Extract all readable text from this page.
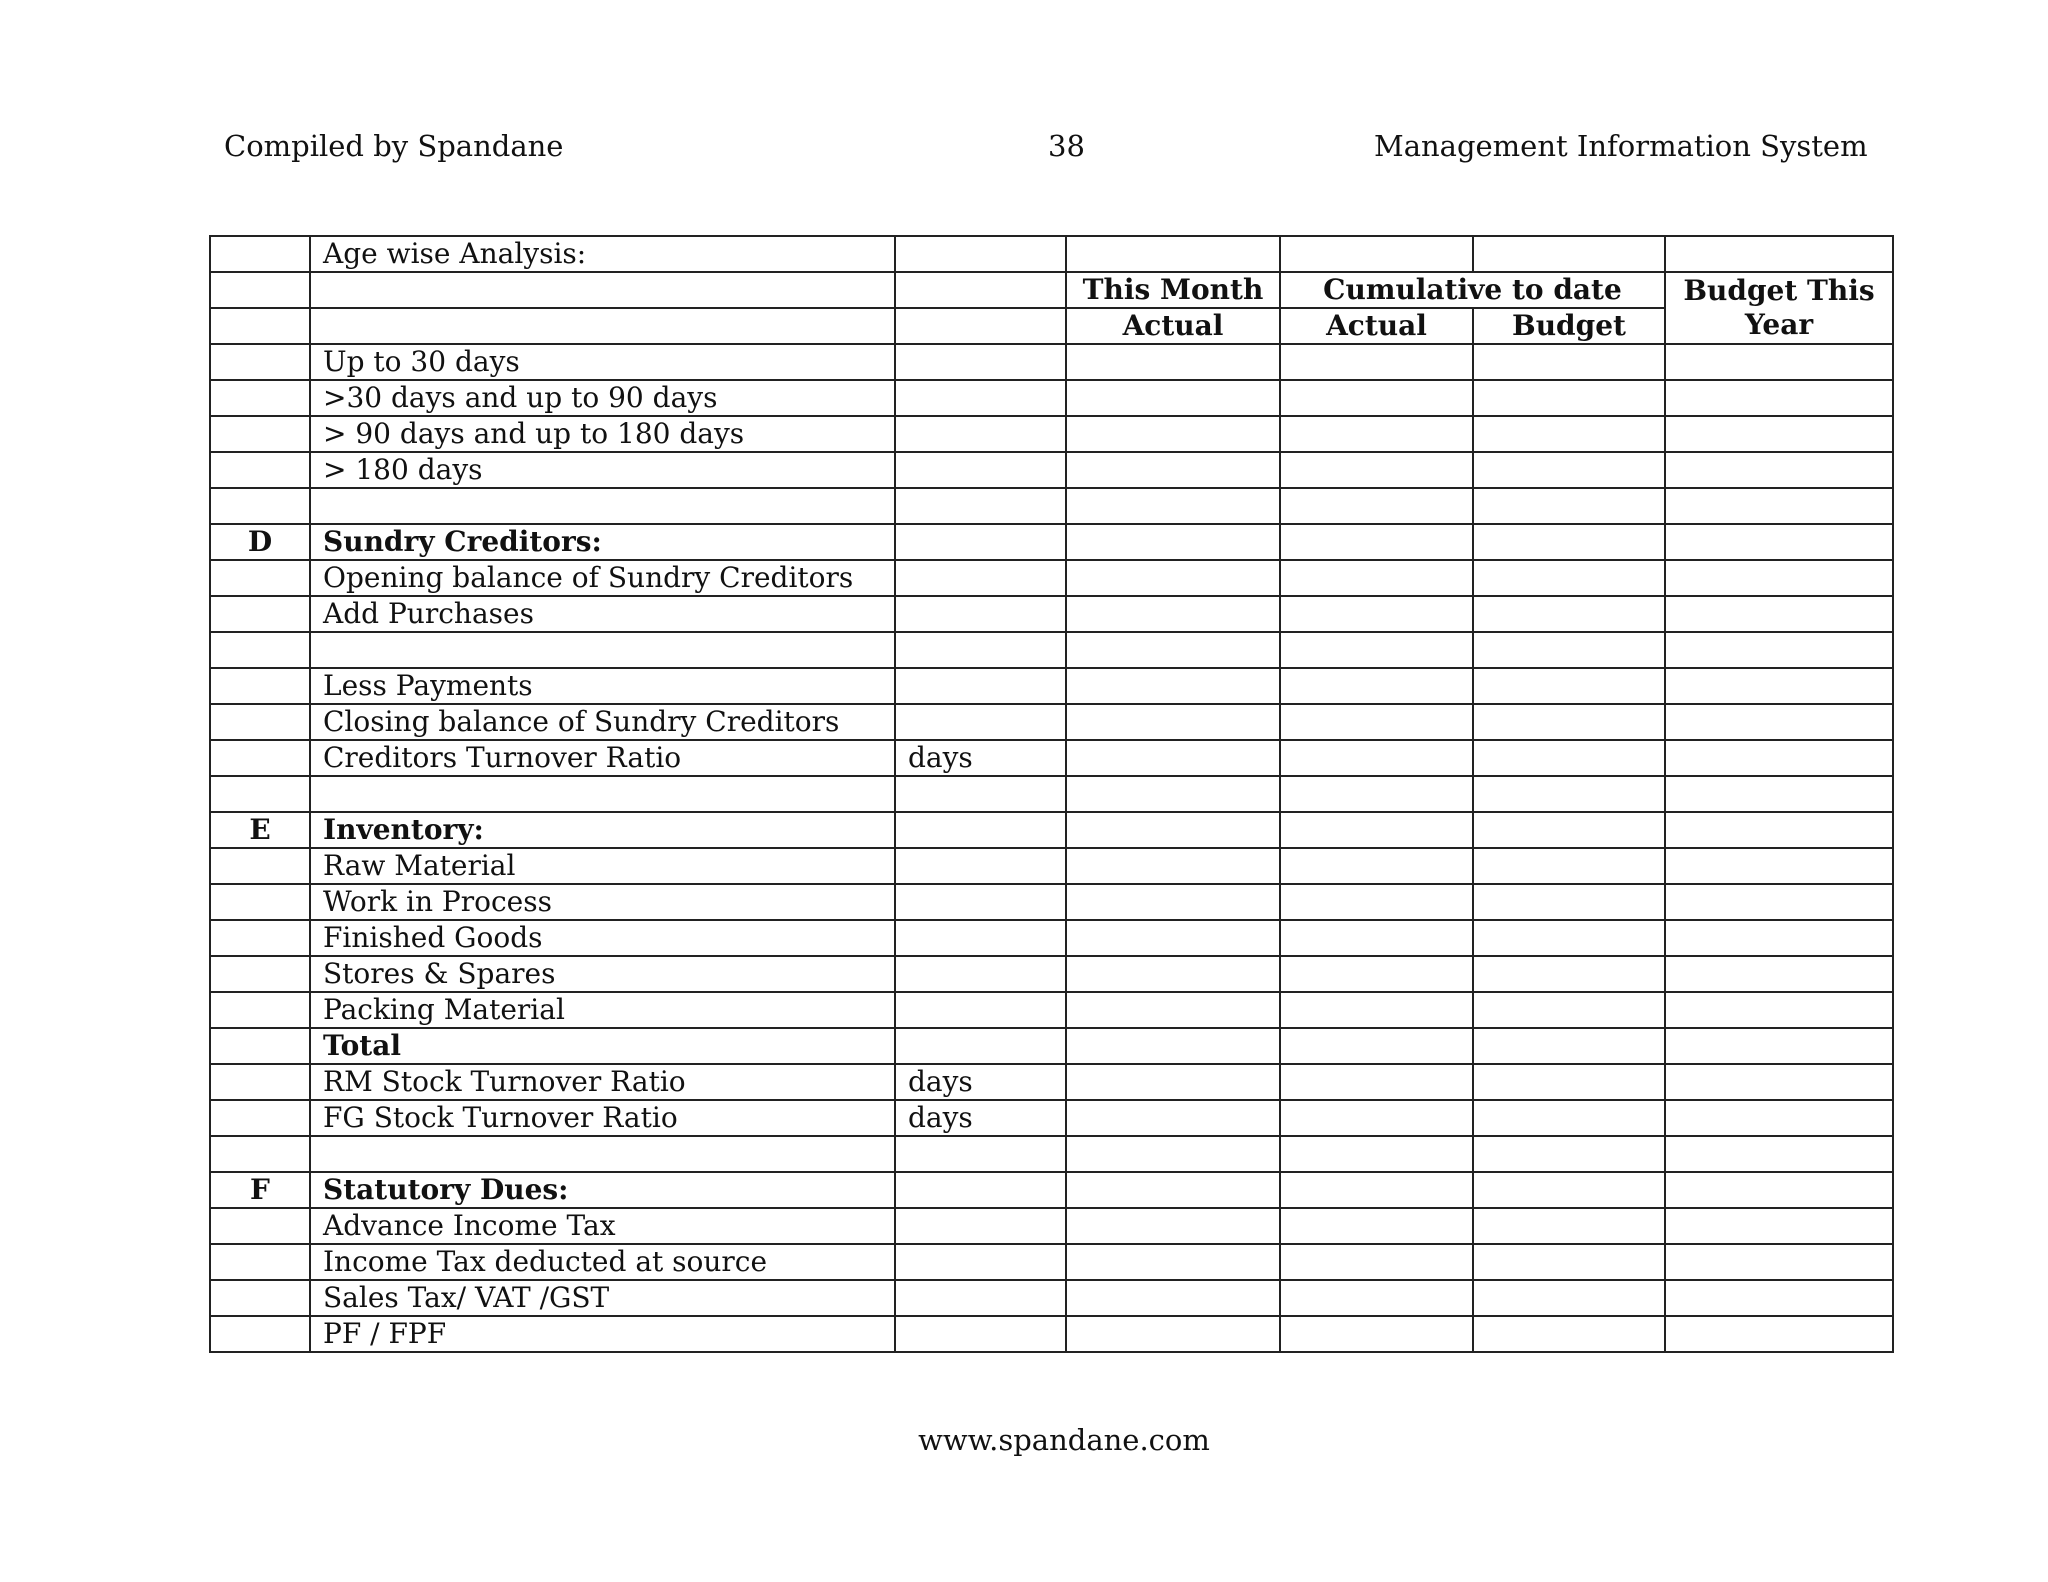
Compiled by Spandane	38	Management Information System
	Age wise Analysis:					
			This Month	Cumulative to date		Budget This Year
			Actual	Actual	Budget	
	Up to 30 days					
	>30 days and up to 90 days					
	> 90 days and up to 180 days					
	> 180 days					

D	Sundry Creditors:					
	Opening balance of Sundry Creditors					
	Add Purchases					

	Less Payments					
	Closing balance of Sundry Creditors					
	Creditors Turnover Ratio	days				

E	Inventory:					
	Raw Material					
	Work in Process					
	Finished Goods					
	Stores & Spares					
	Packing Material					
	Total					
	RM Stock Turnover Ratio	days				
	FG Stock Turnover Ratio	days				

F	Statutory Dues:					
	Advance Income Tax					
	Income Tax deducted at source					
	Sales Tax/ VAT /GST					
	PF / FPF					
www.spandane.com
